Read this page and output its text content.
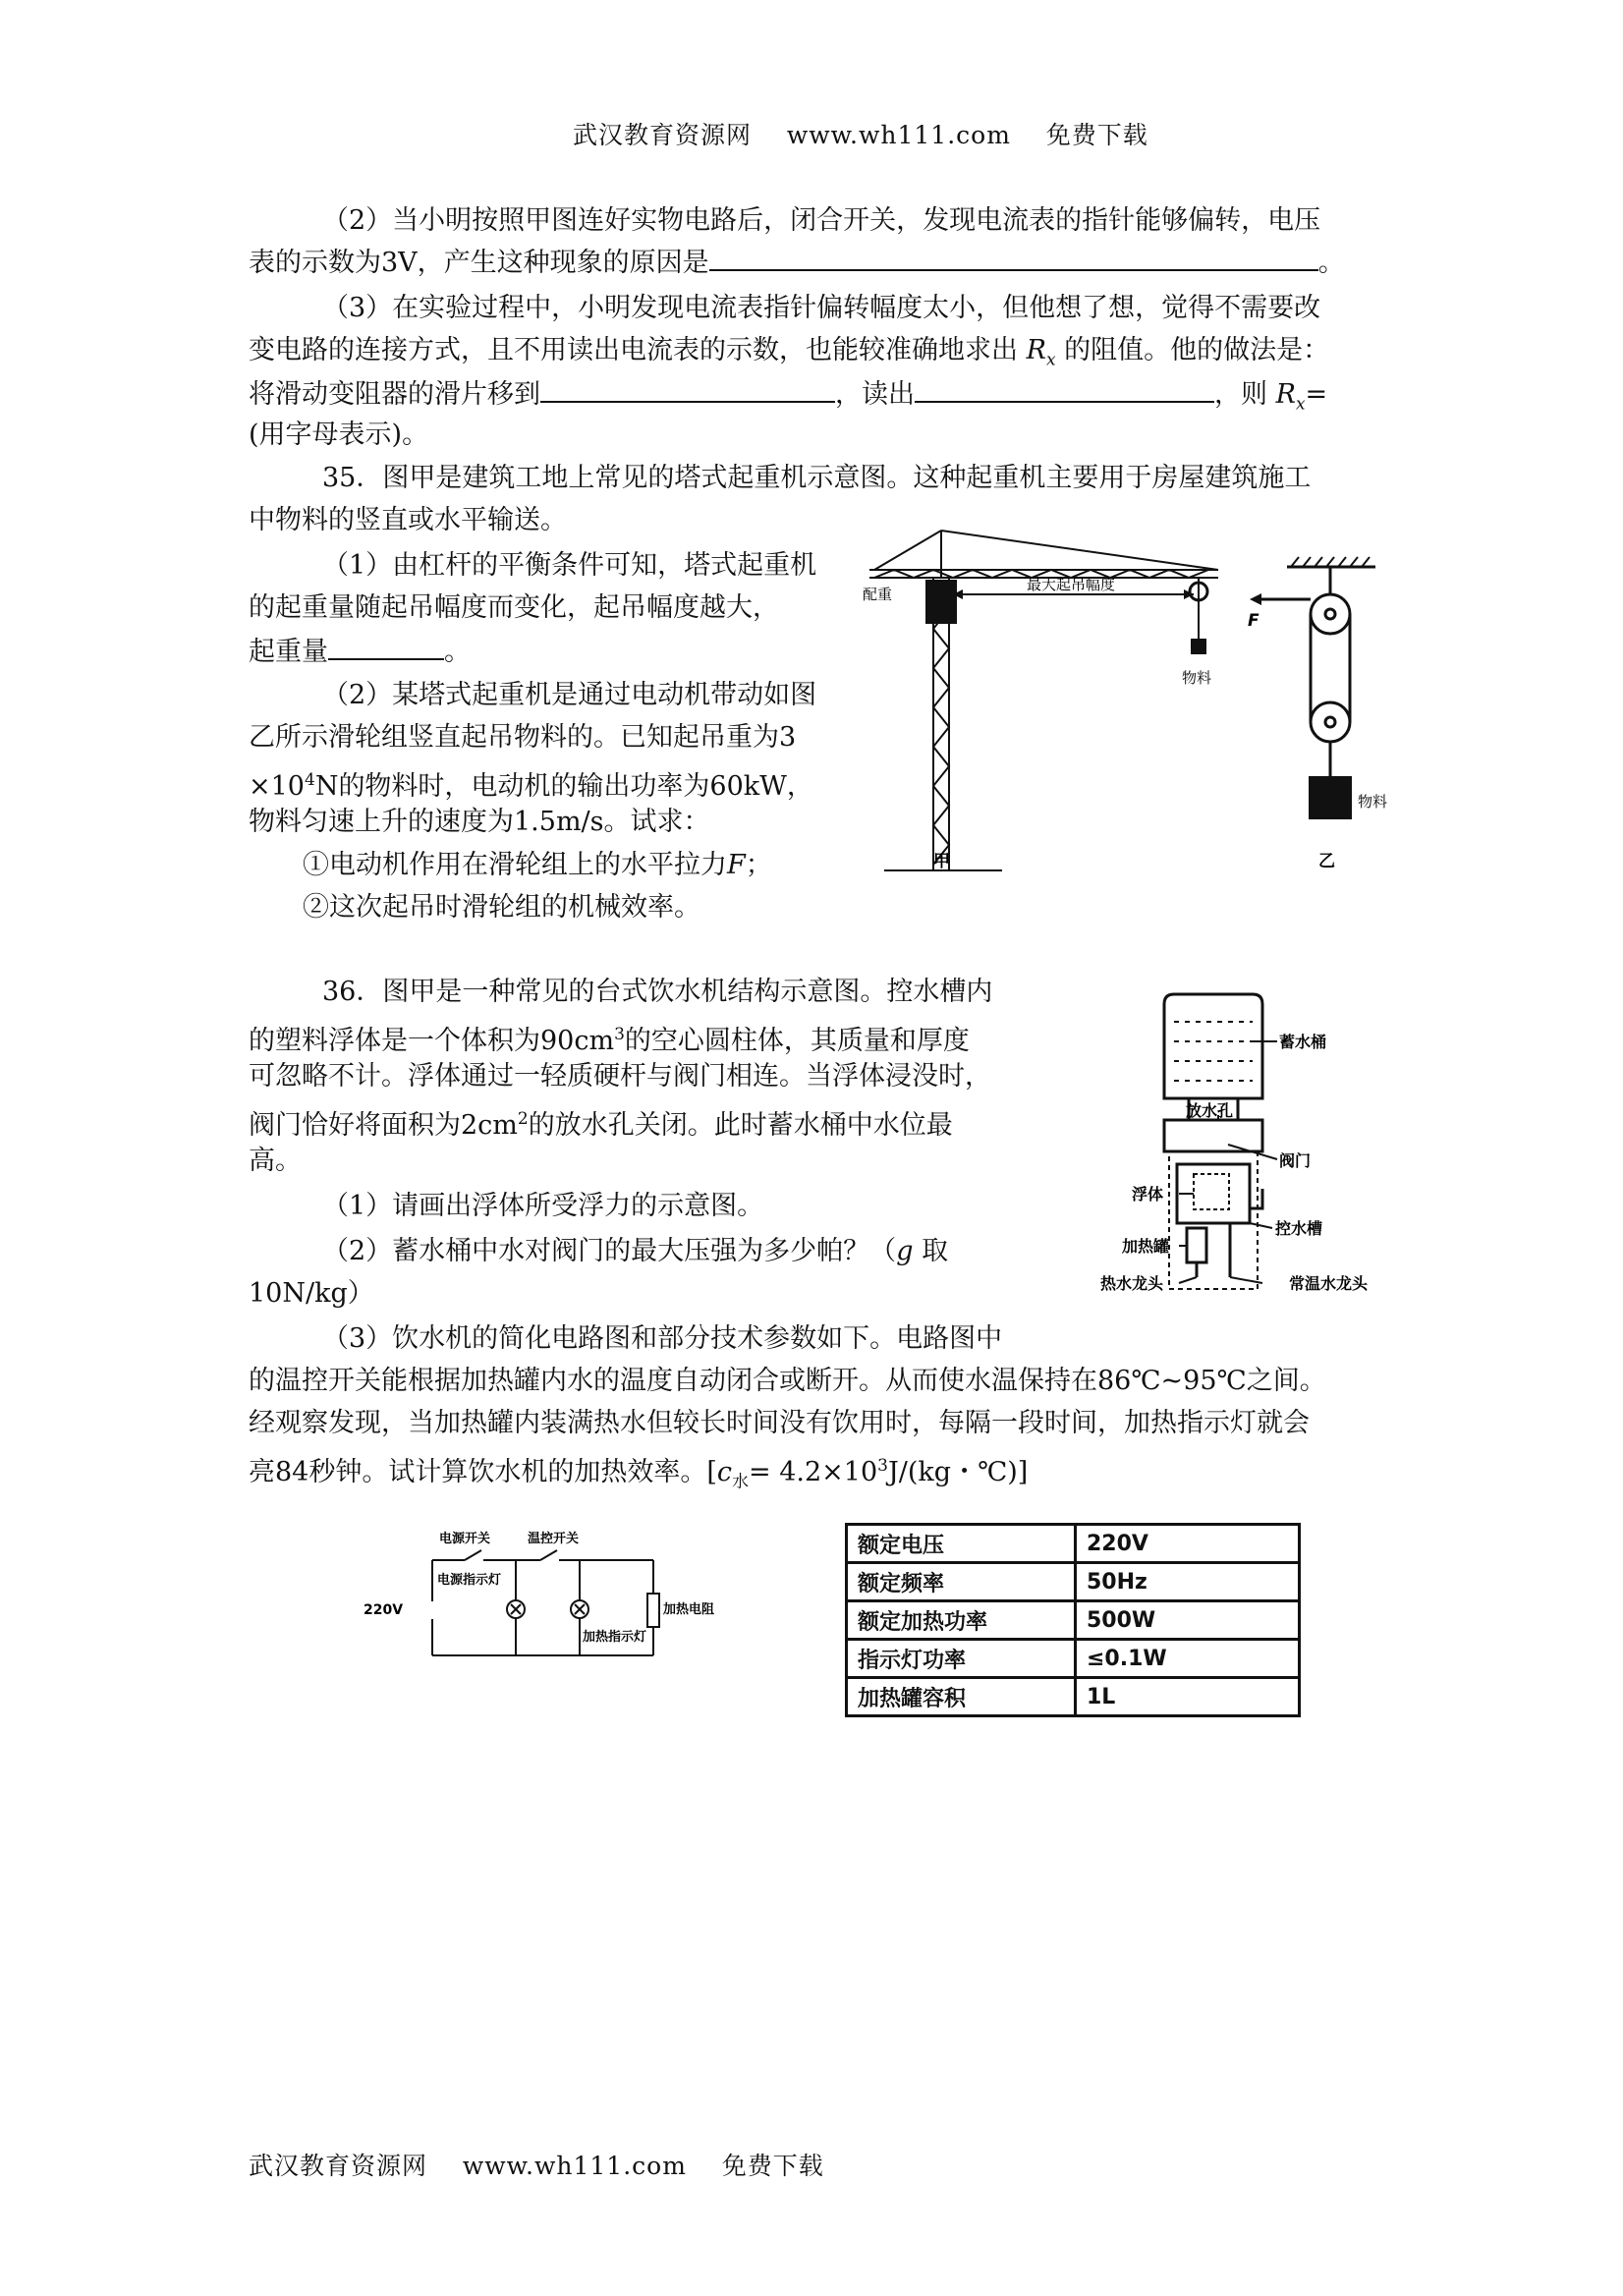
武汉教育资源网 www.wh111.com 免费下载
（2）当小明按照甲图连好实物电路后，闭合开关，发现电流表的指针能够偏转，电压
表的示数为3V，产生这种现象的原因是	。
（3）在实验过程中，小明发现电流表指针偏转幅度太小，但他想了想，觉得不需要改
变电路的连接方式，且不用读出电流表的示数，也能较准确地求出 $R_x$ 的阻值。他的做法是：
将滑动变阻器的滑片移到	，读出	，则 $R_x=$
(用字母表示)。
35．图甲是建筑工地上常见的塔式起重机示意图。这种起重机主要用于房屋建筑施工
中物料的竖直或水平输送。
（1）由杠杆的平衡条件可知，塔式起重机
的起重量随起吊幅度而变化，起吊幅度越大，
起重量	。
（2）某塔式起重机是通过电动机带动如图
乙所示滑轮组竖直起吊物料的。已知起吊重为3
$\times 10^4N$的物料时，电动机的输出功率为60kW，
物料匀速上升的速度为1.5m/s。试求：
①电动机作用在滑轮组上的水平拉力F；
②这次起吊时滑轮组的机械效率。
配重
最大起吊幅度
物料
甲
F
物料
乙
36．图甲是一种常见的台式饮水机结构示意图。控水槽内
的塑料浮体是一个体积为$90cm^3$的空心圆柱体，其质量和厚度
可忽略不计。浮体通过一轻质硬杆与阀门相连。当浮体浸没时，
阀门恰好将面积为$2cm^2$的放水孔关闭。此时蓄水桶中水位最
高。
（1）请画出浮体所受浮力的示意图。
（2）蓄水桶中水对阀门的最大压强为多少帕？（g 取
10N/kg）
（3）饮水机的简化电路图和部分技术参数如下。电路图中
的温控开关能根据加热罐内水的温度自动闭合或断开。从而使水温保持在86℃~95℃之间。
经观察发现，当加热罐内装满热水但较长时间没有饮用时，每隔一段时间，加热指示灯就会
亮84秒钟。试计算饮水机的加热效率。[$c_水= 4.2\times 10^3J/(kg$・℃)]
蓄水桶
放水孔
阀门
浮体
控水槽
加热罐
热水龙头	常温水龙头
电源开关	温控开关
220V
电源指示灯
加热指示灯
加热电阻
额定电压	220V
额定频率	50Hz
额定加热功率	500W
指示灯功率	≤0.1W
加热罐容积	1L
武汉教育资源网 www.wh111.com 免费下载
